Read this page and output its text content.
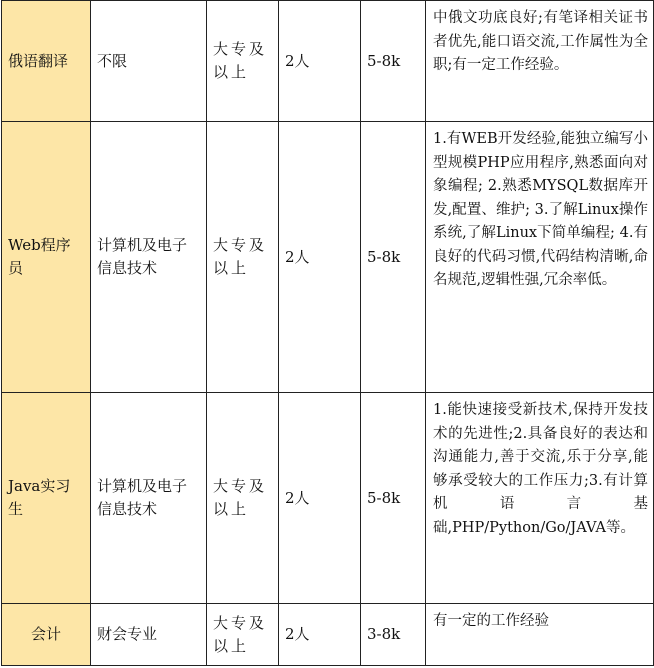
俄语翻译	不限	大专及以上	2人	5-8k	中俄文功底良好;有笔译相关证书者优先,能口语交流,工作属性为全职;有一定工作经验。
Web程序员	计算机及电子信息技术	大专及以上	2人	5-8k	1.有WEB开发经验,能独立编写小型规模PHP应用程序,熟悉面向对象编程; 2.熟悉MYSQL数据库开发,配置、维护; 3.了解Linux操作系统,了解Linux下简单编程; 4.有良好的代码习惯,代码结构清晰,命名规范,逻辑性强,冗余率低。
Java实习生	计算机及电子信息技术	大专及以上	2人	5-8k	1.能快速接受新技术,保持开发技术的先进性;2.具备良好的表达和沟通能力,善于交流,乐于分享,能够承受较大的工作压力;3.有计算机语言基础,PHP/Python/Go/JAVA等。
会计	财会专业	大专及以上	2人	3-8k	有一定的工作经验
